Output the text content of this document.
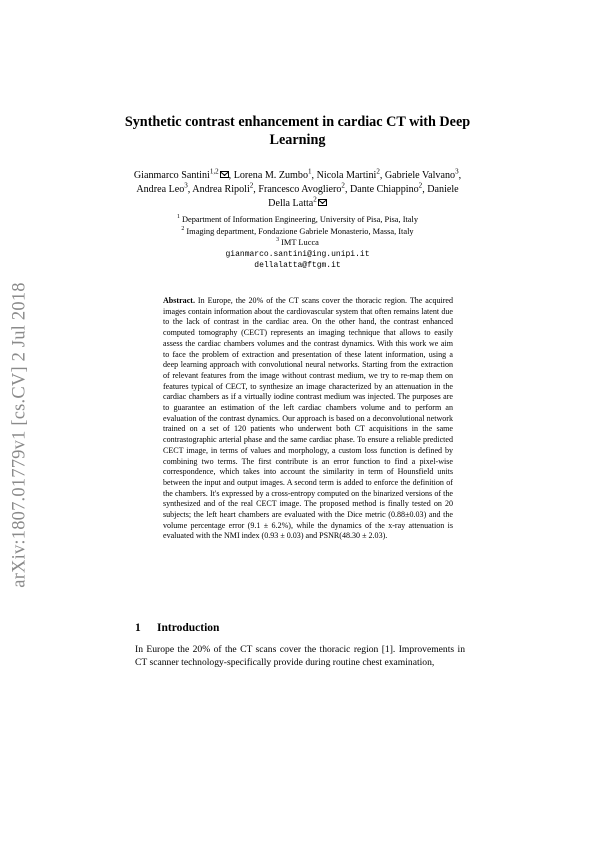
arXiv:1807.01779v1 [cs.CV] 2 Jul 2018
Synthetic contrast enhancement in cardiac CT with Deep Learning

Gianmarco Santini$^{1,2}$ , Lorena M. Zumbo$^1$, Nicola Martini$^2$, Gabriele Valvano$^3$, Andrea Leo$^3$, Andrea Ripoli$^2$, Francesco Avogliero$^2$, Dante Chiappino$^2$, Daniele Della Latta$^2$

$^1$ Department of Information Engineering, University of Pisa, Pisa, Italy
$^2$ Imaging department, Fondazione Gabriele Monasterio, Massa, Italy
$^3$ IMT Lucca
gianmarco.santini@ing.unipi.it
dellalatta@ftgm.it

Abstract. In Europe, the 20% of the CT scans cover the thoracic region. The acquired images contain information about the cardiovascular system that often remains latent due to the lack of contrast in the cardiac area. On the other hand, the contrast enhanced computed tomography (CECT) represents an imaging technique that allows to easily assess the cardiac chambers volumes and the contrast dynamics. With this work we aim to face the problem of extraction and presentation of these latent information, using a deep learning approach with convolutional neural networks. Starting from the extraction of relevant features from the image without contrast medium, we try to re-map them on features typical of CECT, to synthesize an image characterized by an attenuation in the cardiac chambers as if a virtually iodine contrast medium was injected. The purposes are to guarantee an estimation of the left cardiac chambers volume and to perform an evaluation of the contrast dynamics. Our approach is based on a deconvolutional network trained on a set of 120 patients who underwent both CT acquisitions in the same contrastographic arterial phase and the same cardiac phase. To ensure a reliable predicted CECT image, in terms of values and morphology, a custom loss function is defined by combining two terms. The first contribute is an error function to find a pixel-wise correspondence, which takes into account the similarity in term of Hounsfield units between the input and output images. A second term is added to enforce the definition of the chambers. It's expressed by a cross-entropy computed on the binarized versions of the synthesized and of the real CECT image. The proposed method is finally tested on 20 subjects; the left heart chambers are evaluated with the Dice metric (0.88±0.03) and the volume percentage error (9.1 ± 6.2%), while the dynamics of the x-ray attenuation is evaluated with the NMI index (0.93 ± 0.03) and PSNR(48.30 ± 2.03).

1 Introduction

In Europe the 20% of the CT scans cover the thoracic region [1]. Improvements in CT scanner technology-specifically provide during routine chest examination,
